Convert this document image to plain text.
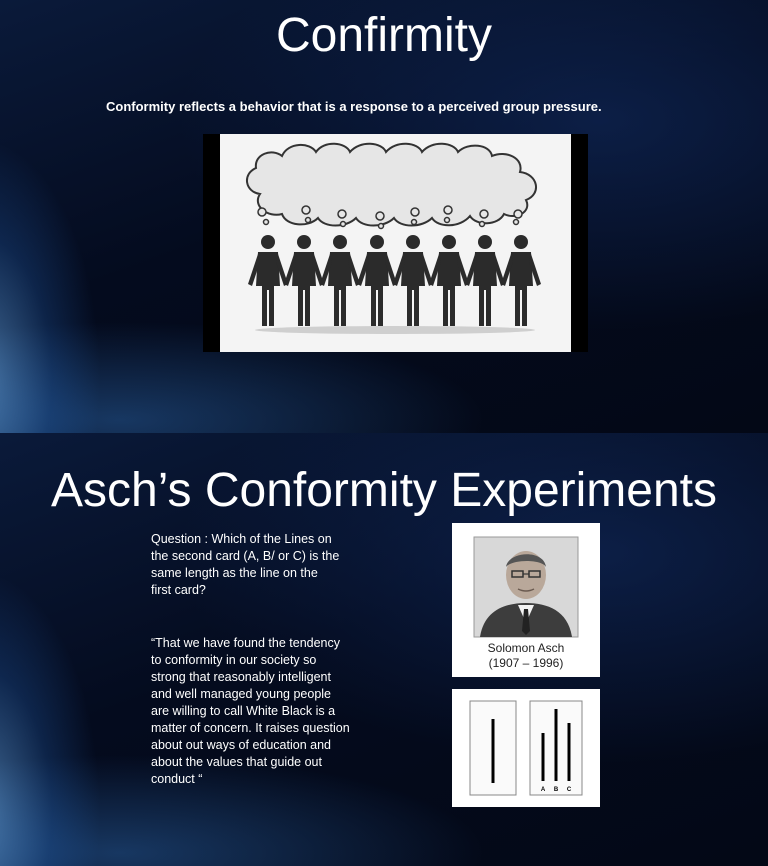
Confirmity
Conformity reflects a behavior that is a response to a perceived group pressure.
Asch’s Conformity Experiments
Question : Which of the Lines on the second card (A, B/ or C) is the same length as the line on the first card?
“That we have found the tendency to conformity in our society so strong that reasonably intelligent and well managed young people are willing to call White Black is a matter of concern. It raises question about out ways of education and about the values that guide out conduct “
Solomon Asch
(1907 – 1996)
A B C
